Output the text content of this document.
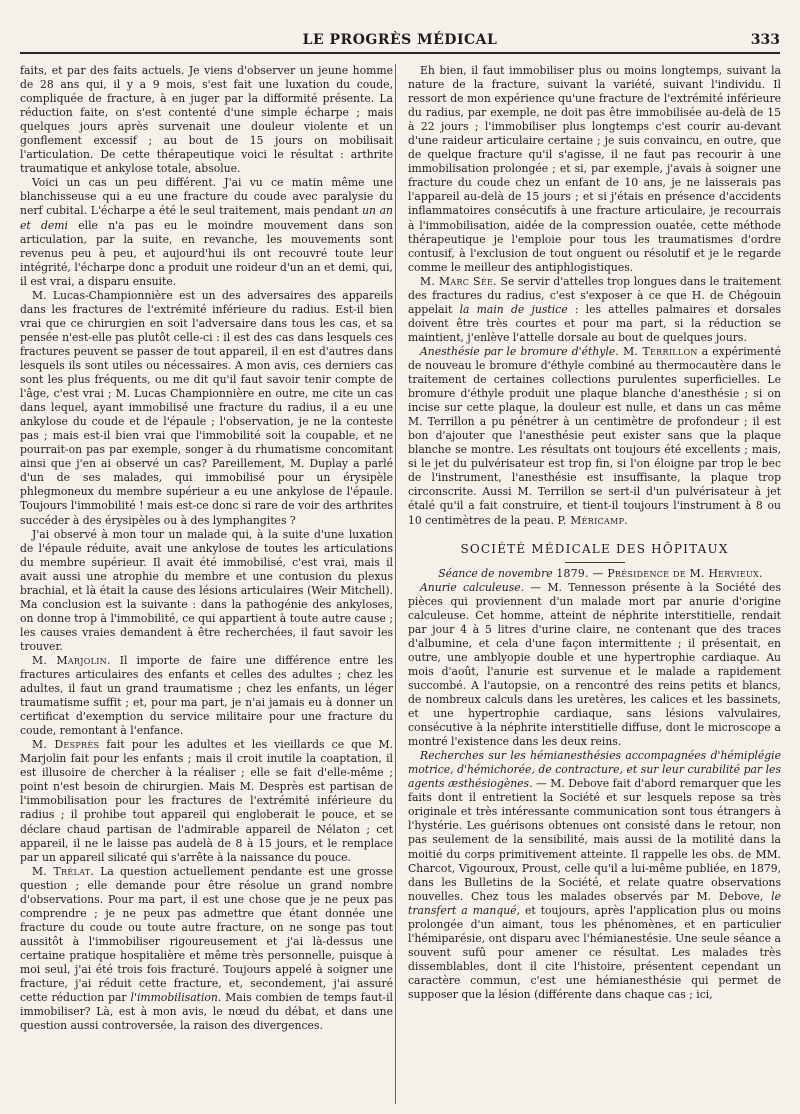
LE PROGRÈS MÉDICAL	333

faits, et par des faits actuels. Je viens d'observer un jeune homme de 28 ans qui, il y a 9 mois, s'est fait une luxation du coude, compliquée de fracture, à en juger par la difformité présente. La réduction faite, on s'est contenté d'une simple écharpe ; mais quelques jours après survenait une douleur violente et un gonflement excessif ; au bout de 15 jours on mobilisait l'articulation. De cette thérapeutique voici le résultat : arthrite traumatique et ankylose totale, absolue.

Voici un cas un peu différent. J'ai vu ce matin même une blanchisseuse qui a eu une fracture du coude avec paralysie du nerf cubital. L'écharpe a été le seul traitement, mais pendant un an et demi elle n'a pas eu le moindre mouvement dans son articulation, par la suite, en revanche, les mouvements sont revenus peu à peu, et aujourd'hui ils ont recouvré toute leur intégrité, l'écharpe donc a produit une roideur d'un an et demi, qui, il est vrai, a disparu ensuite.

M. Lucas-Championnière est un des adversaires des appareils dans les fractures de l'extrémité inférieure du radius. Est-il bien vrai que ce chirurgien en soit l'adversaire dans tous les cas, et sa pensée n'est-elle pas plutôt celle-ci : il est des cas dans lesquels ces fractures peuvent se passer de tout appareil, il en est d'autres dans lesquels ils sont utiles ou nécessaires. A mon avis, ces derniers cas sont les plus fréquents, ou me dit qu'il faut savoir tenir compte de l'âge, c'est vrai ; M. Lucas Championnière en outre, me cite un cas dans lequel, ayant immobilisé une fracture du radius, il a eu une ankylose du coude et de l'épaule ; l'observation, je ne la conteste pas ; mais est-il bien vrai que l'immobilité soit la coupable, et ne pourrait-on pas par exemple, songer à du rhumatisme concomitant ainsi que j'en ai observé un cas? Pareillement, M. Duplay a parlé d'un de ses malades, qui immobilisé pour un érysipèle phlegmoneux du membre supérieur a eu une ankylose de l'épaule. Toujours l'immobilité ! mais est-ce donc si rare de voir des arthrites succéder à des érysipèles ou à des lymphangites ?

J'ai observé à mon tour un malade qui, à la suite d'une luxation de l'épaule réduite, avait une ankylose de toutes les articulations du membre supérieur. Il avait été immobilisé, c'est vrai, mais il avait aussi une atrophie du membre et une contusion du plexus brachial, et là était la cause des lésions articulaires (Weir Mitchell). Ma conclusion est la suivante : dans la pathogénie des ankyloses, on donne trop à l'immobilité, ce qui appartient à toute autre cause ; les causes vraies demandent à être recherchées, il faut savoir les trouver.

M. Marjolin. Il importe de faire une différence entre les fractures articulaires des enfants et celles des adultes ; chez les adultes, il faut un grand traumatisme ; chez les enfants, un léger traumatisme suffit ; et, pour ma part, je n'ai jamais eu à donner un certificat d'exemption du service militaire pour une fracture du coude, remontant à l'enfance.

M. Desprès fait pour les adultes et les vieillards ce que M. Marjolin fait pour les enfants ; mais il croit inutile la coaptation, il est illusoire de chercher à la réaliser ; elle se fait d'elle-même ; point n'est besoin de chirurgien. Mais M. Desprès est partisan de l'immobilisation pour les fractures de l'extrémité inférieure du radius ; il prohibe tout appareil qui engloberait le pouce, et se déclare chaud partisan de l'admirable appareil de Nélaton ; cet appareil, il ne le laisse pas audelà de 8 à 15 jours, et le remplace par un appareil silicaté qui s'arrête à la naissance du pouce.

M. Trélat. La question actuellement pendante est une grosse question ; elle demande pour être résolue un grand nombre d'observations. Pour ma part, il est une chose que je ne peux pas comprendre ; je ne peux pas admettre que étant donnée une fracture du coude ou toute autre fracture, on ne songe pas tout aussitôt à l'immobiliser rigoureusement et j'ai là-dessus une certaine pratique hospitalière et même très personnelle, puisque à moi seul, j'ai été trois fois fracturé. Toujours appelé à soigner une fracture, j'ai réduit cette fracture, et, secondement, j'ai assuré cette réduction par l'immobilisation. Mais combien de temps faut-il immobiliser? Là, est à mon avis, le nœud du débat, et dans une question aussi controversée, la raison des divergences.

Eh bien, il faut immobiliser plus ou moins longtemps, suivant la nature de la fracture, suivant la variété, suivant l'individu. Il ressort de mon expérience qu'une fracture de l'extrémité inférieure du radius, par exemple, ne doit pas être immobilisée au-delà de 15 à 22 jours ; l'immobiliser plus longtemps c'est courir au-devant d'une raideur articulaire certaine ; je suis convaincu, en outre, que de quelque fracture qu'il s'agisse, il ne faut pas recourir à une immobilisation prolongée ; et si, par exemple, j'avais à soigner une fracture du coude chez un enfant de 10 ans, je ne laisserais pas l'appareil au-delà de 15 jours ; et si j'étais en présence d'accidents inflammatoires consécutifs à une fracture articulaire, je recourrais à l'immobilisation, aidée de la compression ouatée, cette méthode thérapeutique je l'emploie pour tous les traumatismes d'ordre contusif, à l'exclusion de tout onguent ou résolutif et je le regarde comme le meilleur des antiphlogistiques.

M. Marc Sée. Se servir d'attelles trop longues dans le traitement des fractures du radius, c'est s'exposer à ce que H. de Chégouin appelait la main de justice : les attelles palmaires et dorsales doivent être très courtes et pour ma part, si la réduction se maintient, j'enlève l'attelle dorsale au bout de quelques jours.

Anesthésie par le bromure d'éthyle. M. Terrillon a expérimenté de nouveau le bromure d'éthyle combiné au thermocautère dans le traitement de certaines collections purulentes superficielles. Le bromure d'éthyle produit une plaque blanche d'anesthésie ; si on incise sur cette plaque, la douleur est nulle, et dans un cas même M. Terrillon a pu pénétrer à un centimètre de profondeur ; il est bon d'ajouter que l'anesthésie peut exister sans que la plaque blanche se montre. Les résultats ont toujours été excellents ; mais, si le jet du pulvérisateur est trop fin, si l'on éloigne par trop le bec de l'instrument, l'anesthésie est insuffisante, la plaque trop circonscrite. Aussi M. Terrillon se sert-il d'un pulvérisateur à jet étalé qu'il a fait construire, et tient-il toujours l'instrument à 8 ou 10 centimètres de la peau. P. Méricamp.

SOCIÉTÉ MÉDICALE DES HÔPITAUX

Séance de novembre 1879. — Présidence de M. Hervieux.

Anurie calculeuse. — M. Tennesson présente à la Société des pièces qui proviennent d'un malade mort par anurie d'origine calculeuse. Cet homme, atteint de néphrite interstitielle, rendait par jour 4 à 5 litres d'urine claire, ne contenant que des traces d'albumine, et cela d'une façon intermittente ; il présentait, en outre, une amblyopie double et une hypertrophie cardiaque. Au mois d'août, l'anurie est survenue et le malade a rapidement succombé. A l'autopsie, on a rencontré des reins petits et blancs, de nombreux calculs dans les uretères, les calices et les bassinets, et une hypertrophie cardiaque, sans lésions valvulaires, consécutive à la néphrite interstitielle diffuse, dont le microscope a montré l'existence dans les deux reins.

Recherches sur les hémianesthésies accompagnées d'hémiplégie motrice, d'hémichorée, de contracture, et sur leur curabilité par les agents æsthésiogènes. — M. Debove fait d'abord remarquer que les faits dont il entretient la Société et sur lesquels repose sa très originale et très intéressante communication sont tous étrangers à l'hystérie. Les guérisons obtenues ont consisté dans le retour, non pas seulement de la sensibilité, mais aussi de la motilité dans la moitié du corps primitivement atteinte. Il rappelle les obs. de MM. Charcot, Vigouroux, Proust, celle qu'il a lui-même publiée, en 1879, dans les Bulletins de la Société, et relate quatre observations nouvelles. Chez tous les malades observés par M. Debove, le transfert a manqué, et toujours, après l'application plus ou moins prolongée d'un aimant, tous les phénomènes, et en particulier l'hémiparésie, ont disparu avec l'hémianestésie. Une seule séance a souvent sufû pour amener ce résultat. Les malades très dissemblables, dont il cite l'histoire, présentent cependant un caractère commun, c'est une hémianesthésie qui permet de supposer que la lésion (différente dans chaque cas ; ici,
